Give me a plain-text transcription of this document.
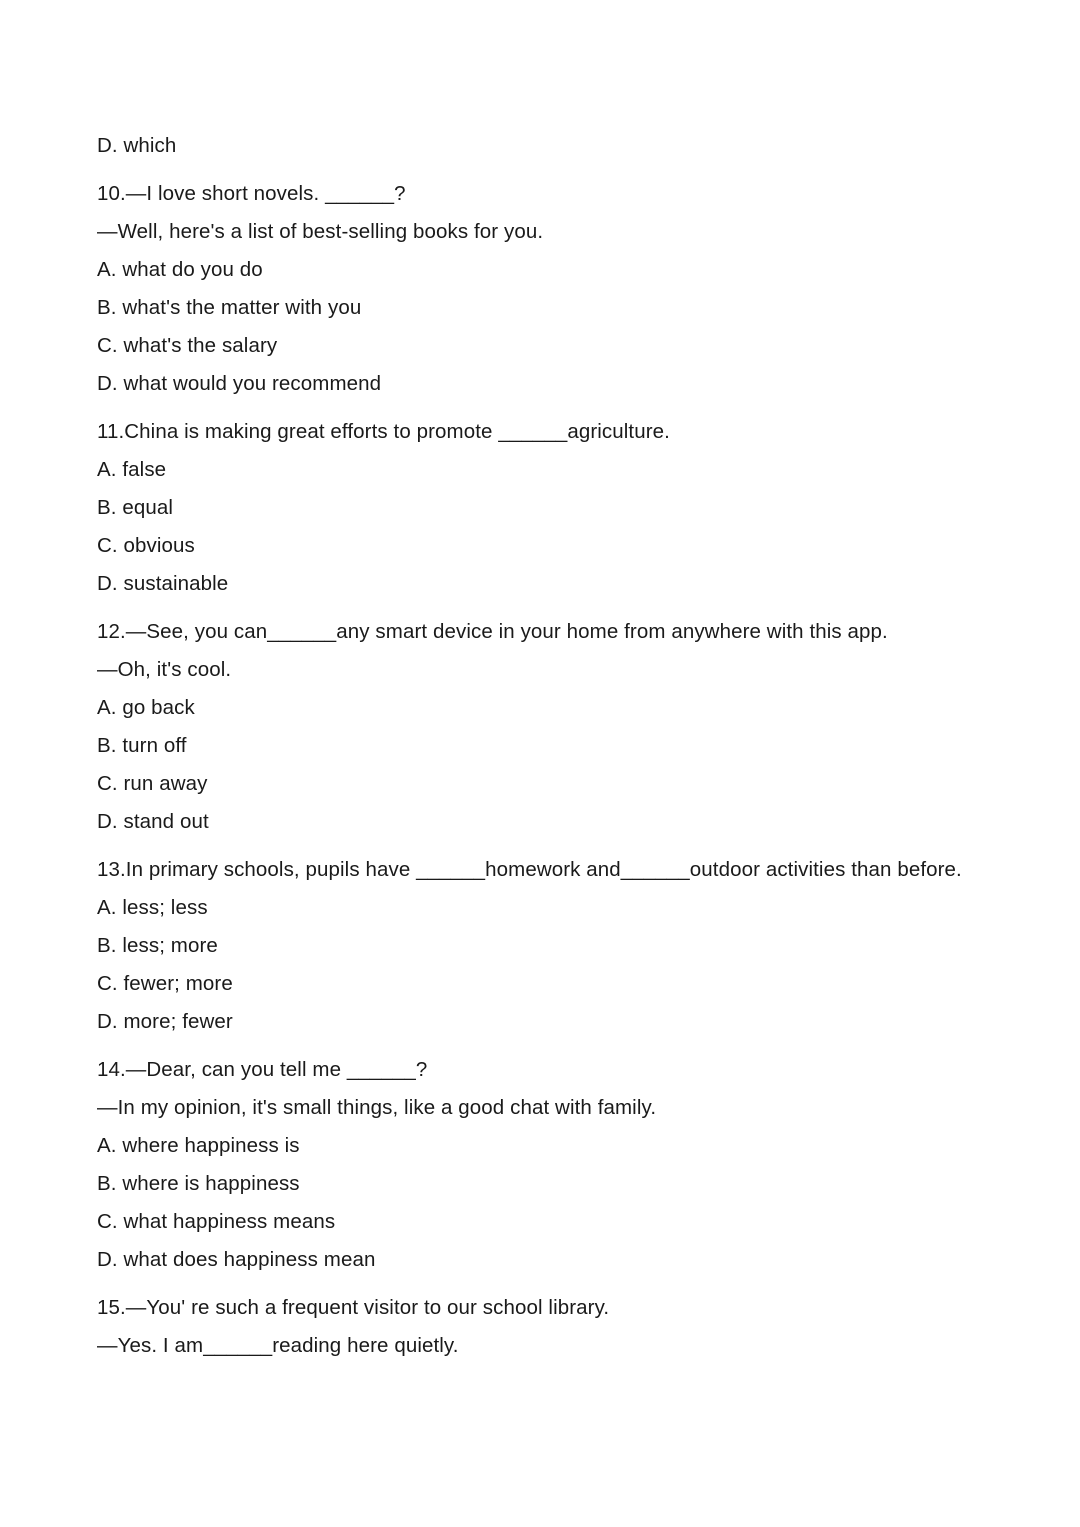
D. which
10.—I love short novels. ______?
—Well, here's a list of best-selling books for you.
A. what do you do
B. what's the matter with you
C. what's the salary
D. what would you recommend
11.China is making great efforts to promote ______agriculture.
A. false
B. equal
C. obvious
D. sustainable
12.—See, you can______any smart device in your home from anywhere with this app.
—Oh, it's cool.
A. go back
B. turn off
C. run away
D. stand out
13.In primary schools, pupils have ______homework and______outdoor activities than before.
A. less; less
B. less; more
C. fewer; more
D. more; fewer
14.—Dear, can you tell me ______?
—In my opinion, it's small things, like a good chat with family.
A. where happiness is
B. where is happiness
C. what happiness means
D. what does happiness mean
15.—You' re such a frequent visitor to our school library.
—Yes. I am______reading here quietly.
